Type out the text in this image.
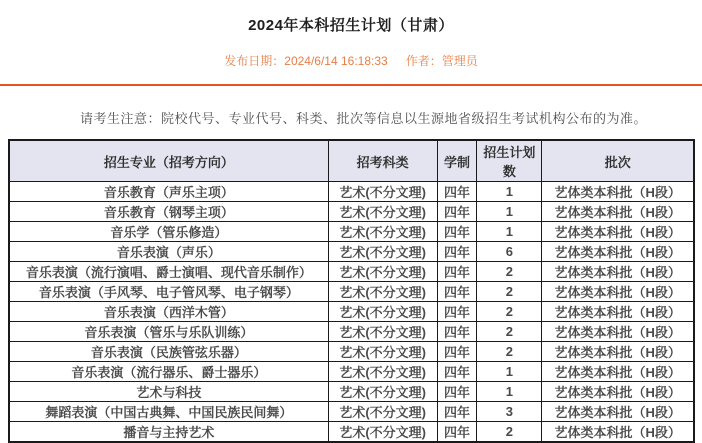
2024年本科招生计划（甘肃）
发布日期：2024/6/14 16:18:33 作者：管理员

请考生注意：院校代号、专业代号、科类、批次等信息以生源地省级招生考试机构公布的为准。

招生专业（招考方向）	招考科类	学制	招生计划数	批次
音乐教育（声乐主项）	艺术(不分文理)	四年	1	艺体类本科批（H段）
音乐教育（钢琴主项）	艺术(不分文理)	四年	1	艺体类本科批（H段）
音乐学（管乐修造）	艺术(不分文理)	四年	1	艺体类本科批（H段）
音乐表演（声乐）	艺术(不分文理)	四年	6	艺体类本科批（H段）
音乐表演（流行演唱、爵士演唱、现代音乐制作）	艺术(不分文理)	四年	2	艺体类本科批（H段）
音乐表演（手风琴、电子管风琴、电子钢琴）	艺术(不分文理)	四年	2	艺体类本科批（H段）
音乐表演（西洋木管）	艺术(不分文理)	四年	2	艺体类本科批（H段）
音乐表演（管乐与乐队训练）	艺术(不分文理)	四年	2	艺体类本科批（H段）
音乐表演（民族管弦乐器）	艺术(不分文理)	四年	2	艺体类本科批（H段）
音乐表演（流行器乐、爵士器乐）	艺术(不分文理)	四年	1	艺体类本科批（H段）
艺术与科技	艺术(不分文理)	四年	1	艺体类本科批（H段）
舞蹈表演（中国古典舞、中国民族民间舞）	艺术(不分文理)	四年	3	艺体类本科批（H段）
播音与主持艺术	艺术(不分文理)	四年	2	艺体类本科批（H段）
